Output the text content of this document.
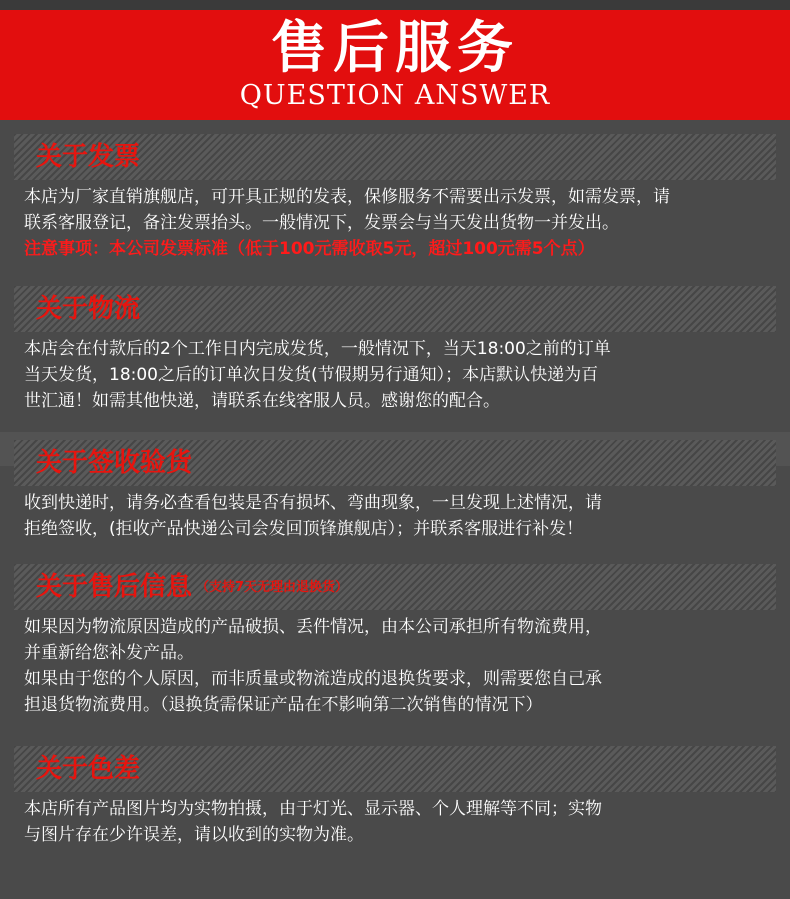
售后服务
QUESTION ANSWER
关于发票

本店为厂家直销旗舰店，可开具正规的发表，保修服务不需要出示发票，如需发票，请

联系客服登记，备注发票抬头。一般情况下，发票会与当天发出货物一并发出。

注意事项：本公司发票标准（低于100元需收取5元，超过100元需5个点）

关于物流

本店会在付款后的2个工作日内完成发货，一般情况下，当天18:00之前的订单

当天发货，18:00之后的订单次日发货(节假期另行通知）；本店默认快递为百

世汇通！如需其他快递，请联系在线客服人员。感谢您的配合。

关于签收验货

收到快递时，请务必查看包装是否有损坏、弯曲现象，一旦发现上述情况，请

拒绝签收，(拒收产品快递公司会发回顶锋旗舰店）；并联系客服进行补发！

关于售后信息 （支持7天无理由退换货）

如果因为物流原因造成的产品破损、丢件情况，由本公司承担所有物流费用，

并重新给您补发产品。

如果由于您的个人原因，而非质量或物流造成的退换货要求，则需要您自己承

担退货物流费用。（退换货需保证产品在不影响第二次销售的情况下）

关于色差

本店所有产品图片均为实物拍摄，由于灯光、显示器、个人理解等不同；实物

与图片存在少许误差，请以收到的实物为准。
